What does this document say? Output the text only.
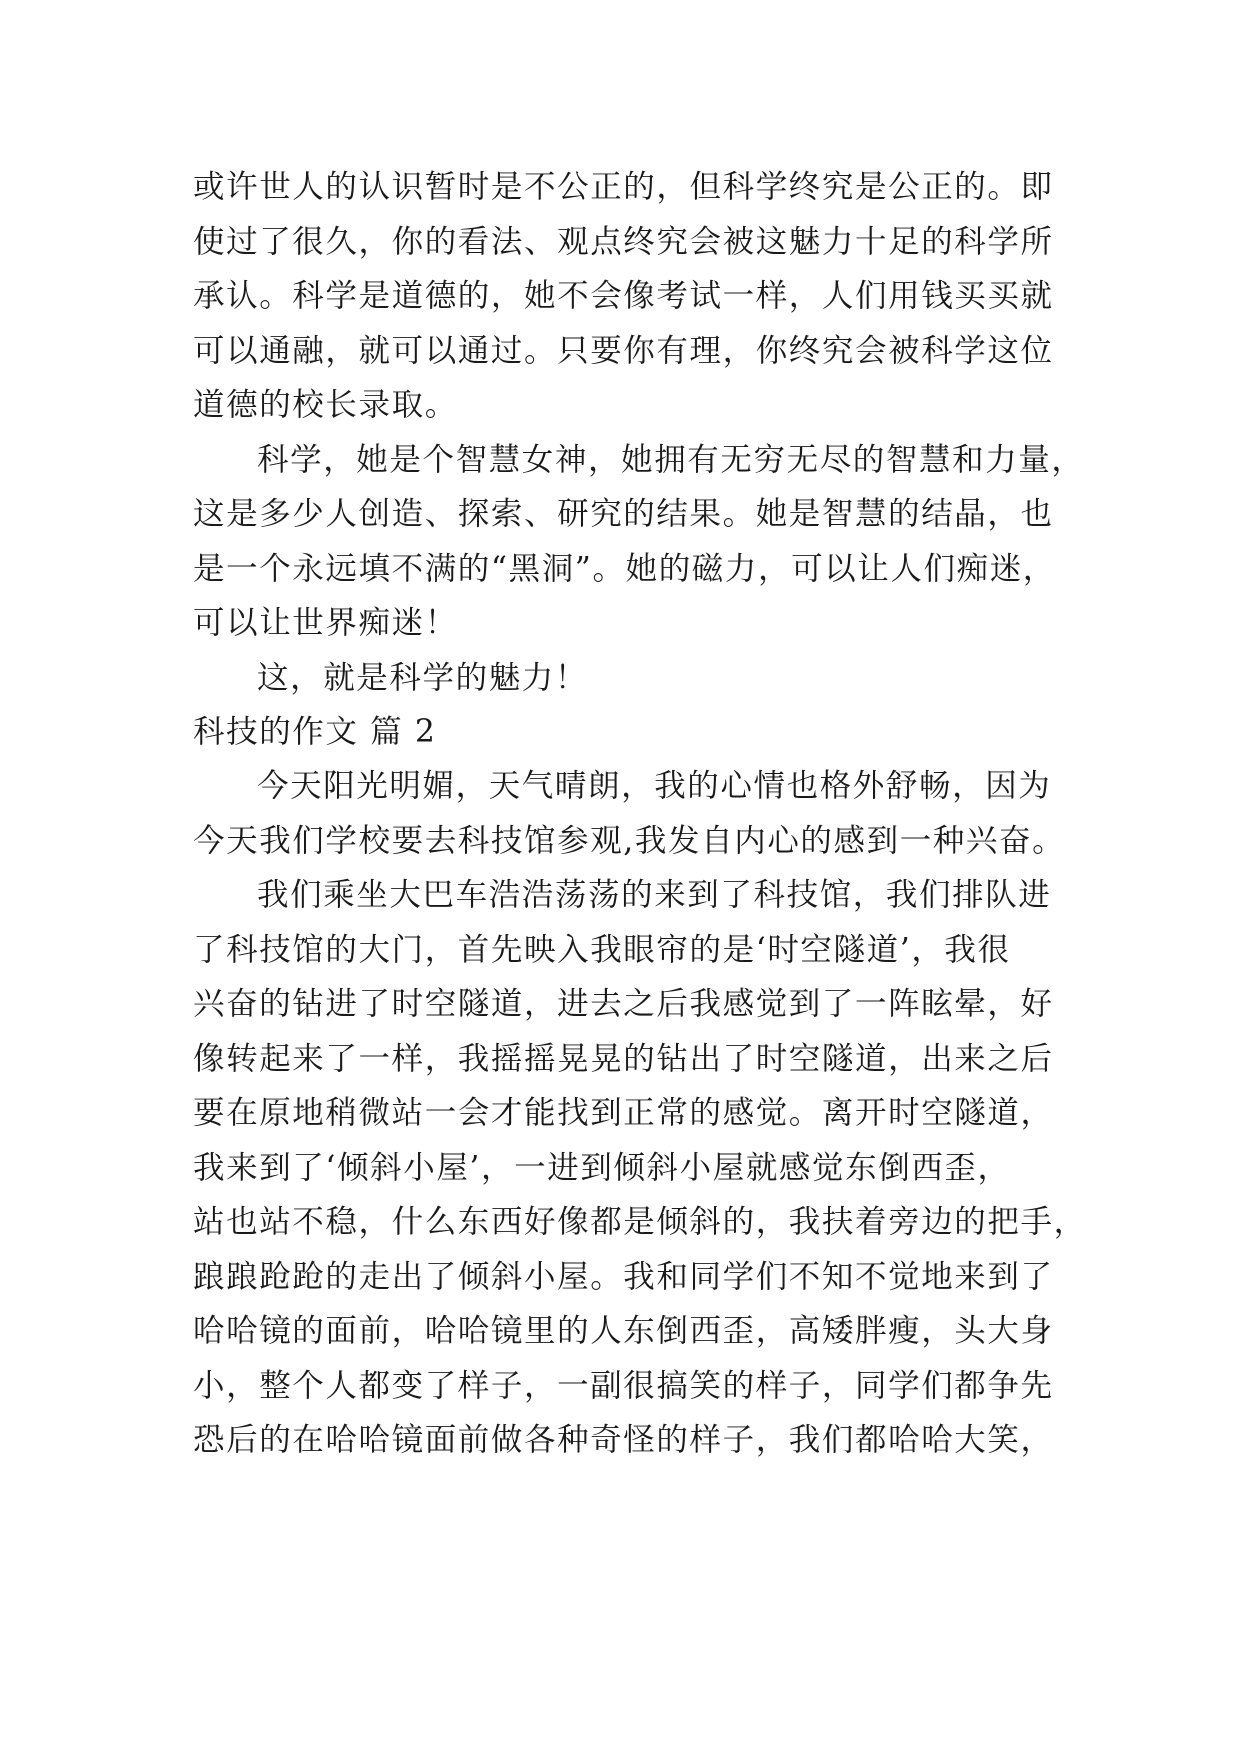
或许世人的认识暂时是不公正的，但科学终究是公正的。即
使过了很久，你的看法、观点终究会被这魅力十足的科学所
承认。科学是道德的，她不会像考试一样，人们用钱买买就
可以通融，就可以通过。只要你有理，你终究会被科学这位
道德的校长录取。
科学，她是个智慧女神，她拥有无穷无尽的智慧和力量，
这是多少人创造、探索、研究的结果。她是智慧的结晶，也
是一个永远填不满的“黑洞”。她的磁力，可以让人们痴迷，
可以让世界痴迷！
这，就是科学的魅力！
科技的作文 篇 2
今天阳光明媚，天气晴朗，我的心情也格外舒畅，因为
今天我们学校要去科技馆参观,我发自内心的感到一种兴奋。
我们乘坐大巴车浩浩荡荡的来到了科技馆，我们排队进
了科技馆的大门，首先映入我眼帘的是‘时空隧道’，我很
兴奋的钻进了时空隧道，进去之后我感觉到了一阵眩晕，好
像转起来了一样，我摇摇晃晃的钻出了时空隧道，出来之后
要在原地稍微站一会才能找到正常的感觉。离开时空隧道，
我来到了‘倾斜小屋’，一进到倾斜小屋就感觉东倒西歪，
站也站不稳，什么东西好像都是倾斜的，我扶着旁边的把手，
踉踉跄跄的走出了倾斜小屋。我和同学们不知不觉地来到了
哈哈镜的面前，哈哈镜里的人东倒西歪，高矮胖瘦，头大身
小，整个人都变了样子，一副很搞笑的样子，同学们都争先
恐后的在哈哈镜面前做各种奇怪的样子，我们都哈哈大笑，
